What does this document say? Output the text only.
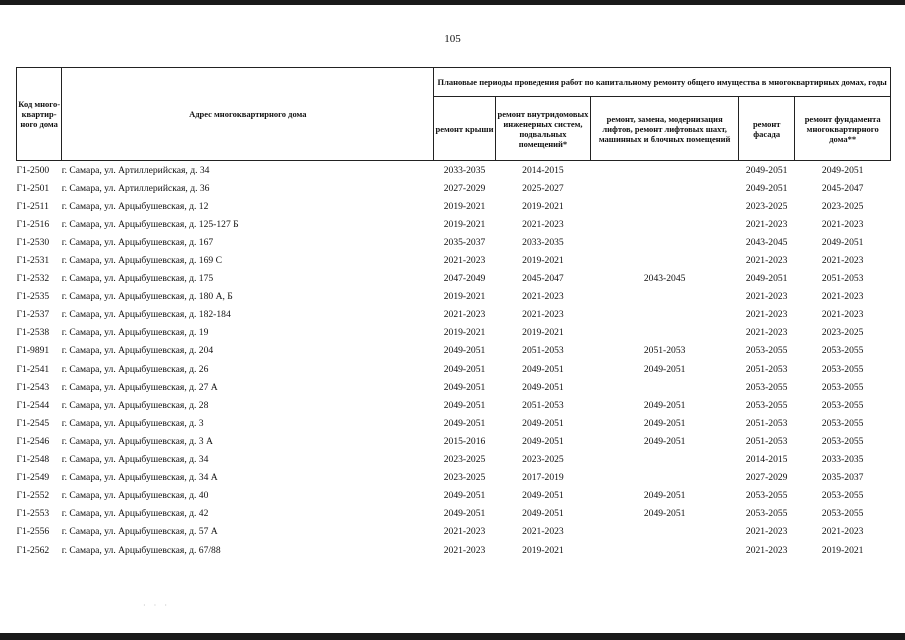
105
Код много-квартир-ного дома	Адрес многоквартирного дома	Плановые периоды проведения работ по капитальному ремонту общего имущества в многоквартирных домах, годы				
		ремонт крыши	ремонт внутридомовых инженерных систем, подвальных помещений*	ремонт, замена, модернизация лифтов, ремонт лифтовых шахт, машинных и блочных помещений	ремонт фасада	ремонт фундамента многоквартирного дома**
Г1-2500	г. Самара, ул. Артиллерийская, д. 34	2033-2035	2014-2015		2049-2051	2049-2051
Г1-2501	г. Самара, ул. Артиллерийская, д. 36	2027-2029	2025-2027		2049-2051	2045-2047
Г1-2511	г. Самара, ул. Арцыбушевская, д. 12	2019-2021	2019-2021		2023-2025	2023-2025
Г1-2516	г. Самара, ул. Арцыбушевская, д. 125-127 Б	2019-2021	2021-2023		2021-2023	2021-2023
Г1-2530	г. Самара, ул. Арцыбушевская, д. 167	2035-2037	2033-2035		2043-2045	2049-2051
Г1-2531	г. Самара, ул. Арцыбушевская, д. 169 С	2021-2023	2019-2021		2021-2023	2021-2023
Г1-2532	г. Самара, ул. Арцыбушевская, д. 175	2047-2049	2045-2047	2043-2045	2049-2051	2051-2053
Г1-2535	г. Самара, ул. Арцыбушевская, д. 180 А, Б	2019-2021	2021-2023		2021-2023	2021-2023
Г1-2537	г. Самара, ул. Арцыбушевская, д. 182-184	2021-2023	2021-2023		2021-2023	2021-2023
Г1-2538	г. Самара, ул. Арцыбушевская, д. 19	2019-2021	2019-2021		2021-2023	2023-2025
Г1-9891	г. Самара, ул. Арцыбушевская, д. 204	2049-2051	2051-2053	2051-2053	2053-2055	2053-2055
Г1-2541	г. Самара, ул. Арцыбушевская, д. 26	2049-2051	2049-2051	2049-2051	2051-2053	2053-2055
Г1-2543	г. Самара, ул. Арцыбушевская, д. 27 А	2049-2051	2049-2051		2053-2055	2053-2055
Г1-2544	г. Самара, ул. Арцыбушевская, д. 28	2049-2051	2051-2053	2049-2051	2053-2055	2053-2055
Г1-2545	г. Самара, ул. Арцыбушевская, д. 3	2049-2051	2049-2051	2049-2051	2051-2053	2053-2055
Г1-2546	г. Самара, ул. Арцыбушевская, д. 3 А	2015-2016	2049-2051	2049-2051	2051-2053	2053-2055
Г1-2548	г. Самара, ул. Арцыбушевская, д. 34	2023-2025	2023-2025		2014-2015	2033-2035
Г1-2549	г. Самара, ул. Арцыбушевская, д. 34 А	2023-2025	2017-2019		2027-2029	2035-2037
Г1-2552	г. Самара, ул. Арцыбушевская, д. 40	2049-2051	2049-2051	2049-2051	2053-2055	2053-2055
Г1-2553	г. Самара, ул. Арцыбушевская, д. 42	2049-2051	2049-2051	2049-2051	2053-2055	2053-2055
Г1-2556	г. Самара, ул. Арцыбушевская, д. 57 А	2021-2023	2021-2023		2021-2023	2021-2023
Г1-2562	г. Самара, ул. Арцыбушевская, д. 67/88	2021-2023	2019-2021		2021-2023	2019-2021
· · ·
